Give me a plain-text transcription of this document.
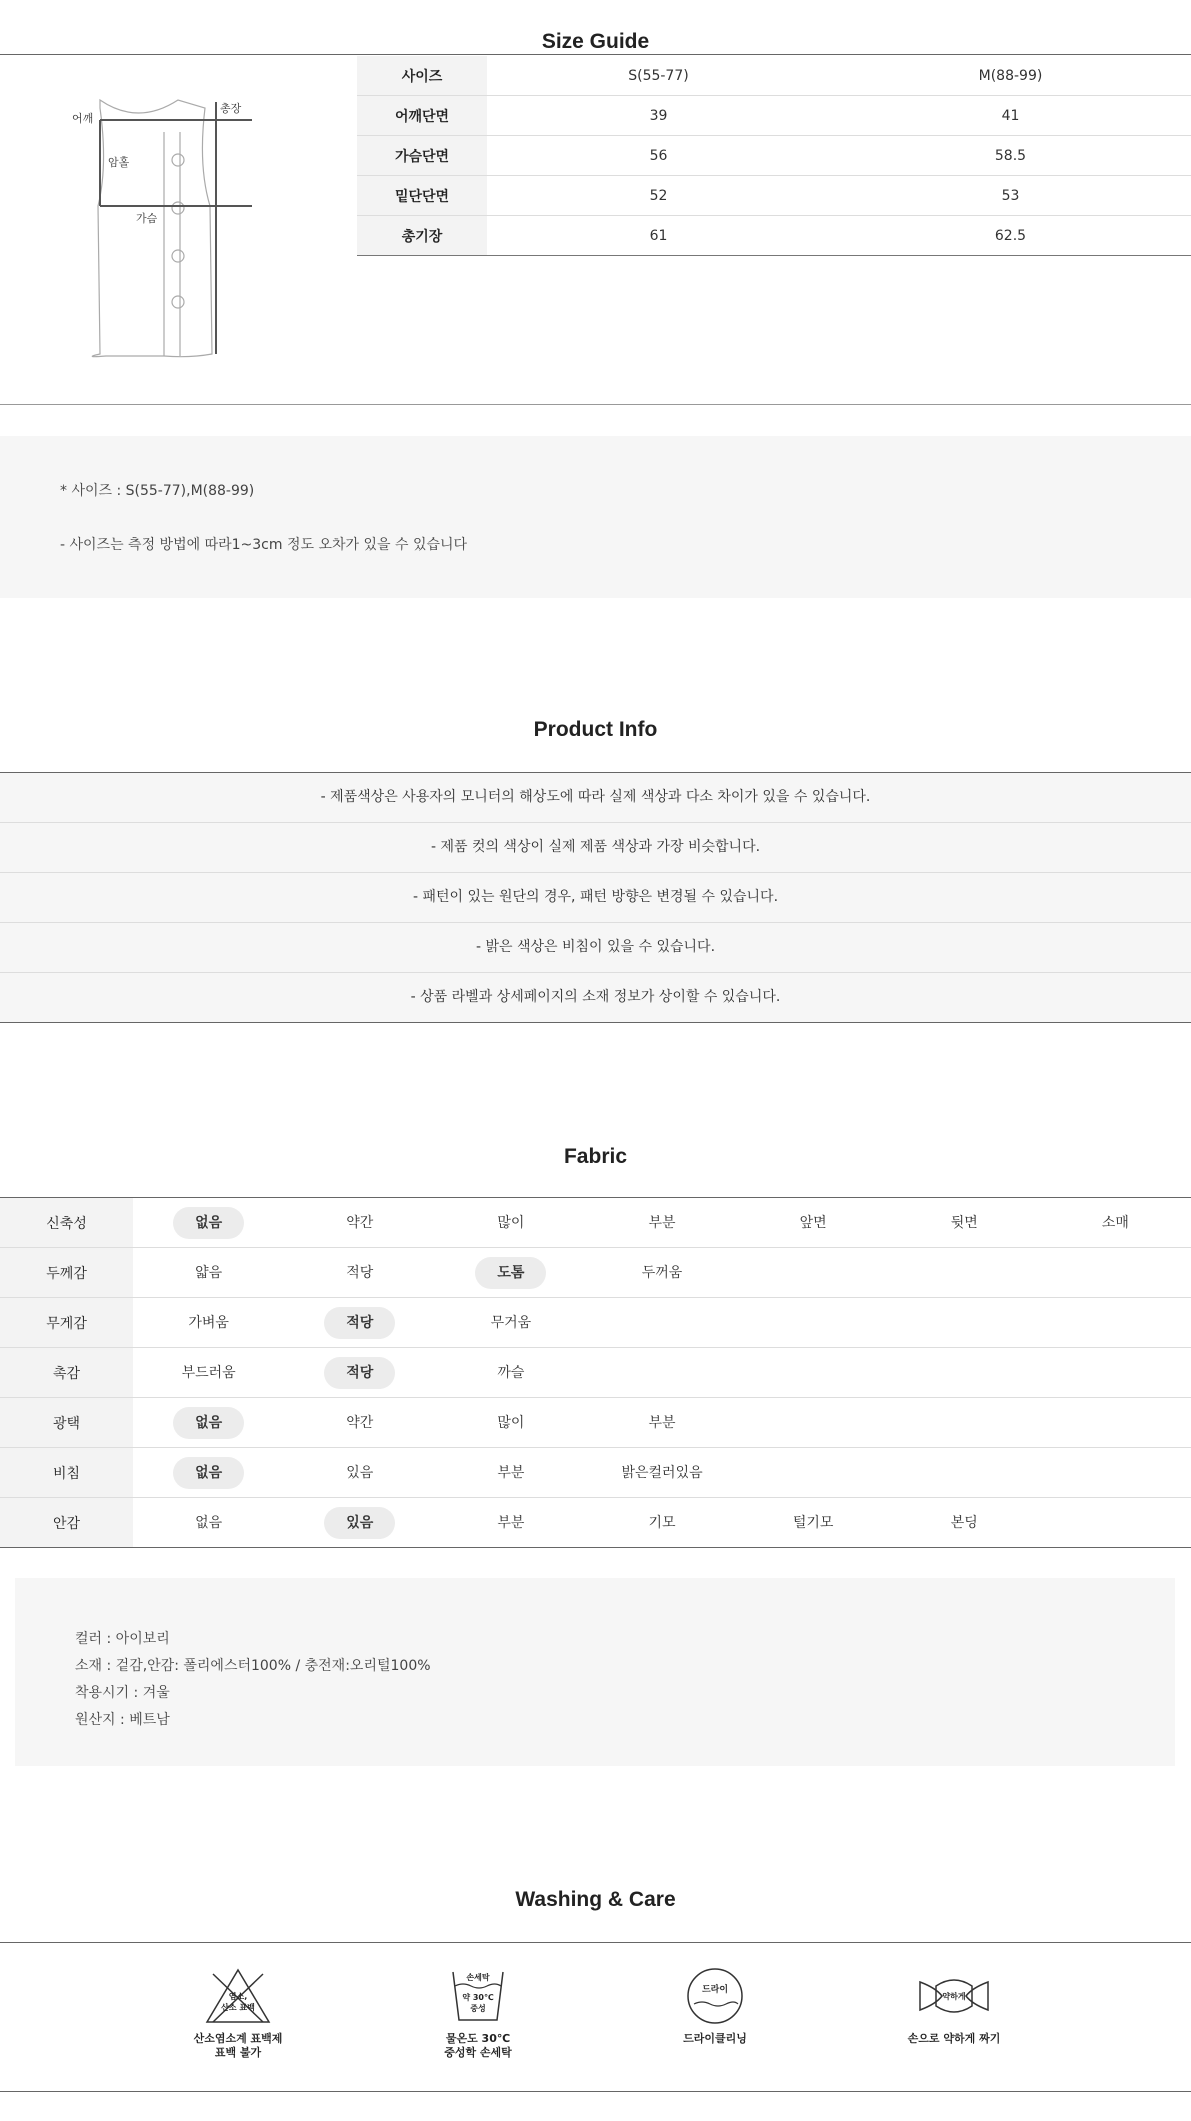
Size Guide
어깨
총장
암홀
가슴
사이즈	S(55-77)	M(88-99)
어깨단면	39	41
가슴단면	56	58.5
밑단단면	52	53
총기장	61	62.5

* 사이즈 : S(55-77),M(88-99)

- 사이즈는 측정 방법에 따라1~3cm 정도 오차가 있을 수 있습니다

Product Info
- 제품색상은 사용자의 모니터의 해상도에 따라 실제 색상과 다소 차이가 있을 수 있습니다.
- 제품 컷의 색상이 실제 제품 색상과 가장 비슷합니다.
- 패턴이 있는 원단의 경우, 패턴 방향은 변경될 수 있습니다.
- 밝은 색상은 비침이 있을 수 있습니다.
- 상품 라벨과 상세페이지의 소재 정보가 상이할 수 있습니다.
Fabric
신축성	없음	약간	많이	부분	앞면	뒷면	소매
두께감	얇음	적당	도톰	두꺼움			
무게감	가벼움	적당	무거움				
촉감	부드러움	적당	까슬				
광택	없음	약간	많이	부분			
비침	없음	있음	부분	밝은컬러있음			
안감	없음	있음	부분	기모	털기모	본딩	

컬러 : 아이보리

소재 : 겉감,안감: 폴리에스터100% / 충전재:오리털100%

착용시기 : 겨울

원산지 : 베트남

Washing & Care
염소,
산소 표백
산소염소계 표백제
표백 불가
손세탁
약 30℃
중성
물온도 30℃
중성학 손세탁
드라이
드라이클리닝
약하게
손으로 약하게 짜기
